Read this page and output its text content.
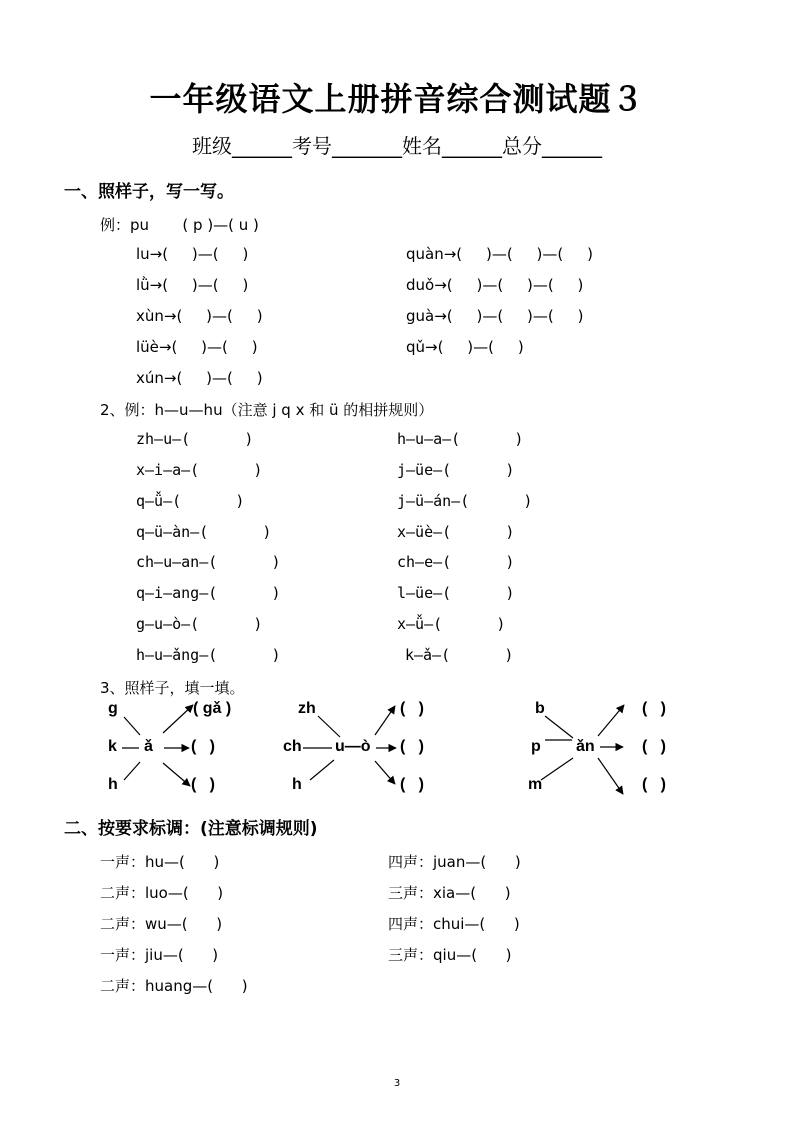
一年级语文上册拼音综合测试题３
班级______考号_______姓名______总分______
一、照样子，写一写。
例：pu       ( p )—( u )
lu→(     )—(     )	quàn→(     )—(     )—(     )
lǜ→(     )—(     )	duǒ→(     )—(     )—(     )
xùn→(     )—(     )	guà→(     )—(     )—(     )
lüè→(     )—(     )	qǔ→(     )—(     )
xún→(     )—(     )
2、例：h—u—hu（注意 j q x 和 ü 的相拼规则）
zh—u—(      )	h—u—a—(      )
x—i—a—(      )	j—üe—(      )
q—ǚ—(      )	j—ü—án—(      )
q—ü—àn—(      )	x—üè—(      )
ch—u—an—(      )	ch—e—(      )
q—i—ang—(      )	l—üe—(      )
g—u—ò—(      )	x—ǚ—(      )
h—u—ǎng—(      )	k—ǎ—(      )
3、照样子，填一填。
g
k
h
ǎ
( gǎ )
(   )
(   )
zh
ch
h
u—ò
(   )
(   )
(   )
b
p
m
ǎn
(   )
(   )
(   )
二、按要求标调：(注意标调规则)
一声：hu—(      )	四声：juan—(      )
二声：luo—(      )	三声：xia—(      )
二声：wu—(      )	四声：chui—(      )
一声：jiu—(      )	三声：qiu—(      )
二声：huang—(      )
3
